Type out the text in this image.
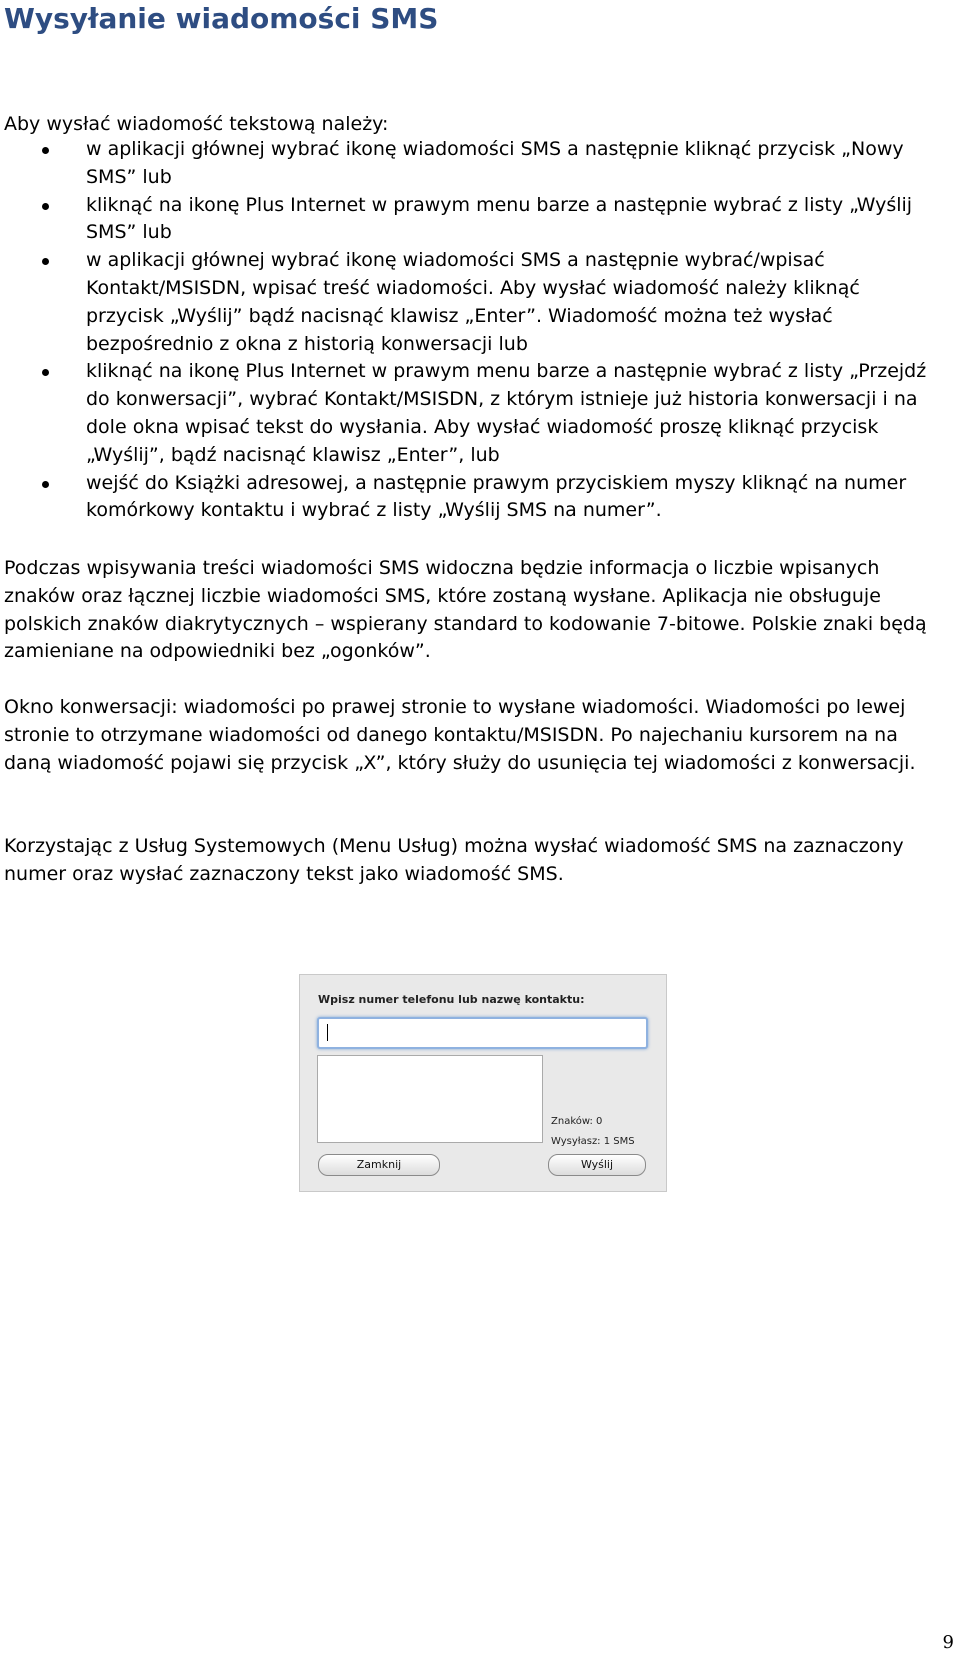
Wysyłanie wiadomości SMS

Aby wysłać wiadomość tekstową należy:

w aplikacji głównej wybrać ikonę wiadomości SMS a następnie kliknąć przycisk „Nowy SMS” lub
kliknąć na ikonę Plus Internet w prawym menu barze a następnie wybrać z listy „Wyślij SMS” lub
w aplikacji głównej wybrać ikonę wiadomości SMS a następnie wybrać/wpisać Kontakt/MSISDN, wpisać treść wiadomości. Aby wysłać wiadomość należy kliknąć przycisk „Wyślij” bądź nacisnąć klawisz „Enter”. Wiadomość można też wysłać bezpośrednio z okna z historią konwersacji lub
kliknąć na ikonę Plus Internet w prawym menu barze a następnie wybrać z listy „Przejdź do konwersacji”, wybrać Kontakt/MSISDN, z którym istnieje już historia konwersacji i na dole okna wpisać tekst do wysłania. Aby wysłać wiadomość proszę kliknąć przycisk „Wyślij”, bądź nacisnąć klawisz „Enter”, lub
wejść do Książki adresowej, a następnie prawym przyciskiem myszy kliknąć na numer komórkowy kontaktu i wybrać z listy „Wyślij SMS na numer”.

Podczas wpisywania treści wiadomości SMS widoczna będzie informacja o liczbie wpisanych znaków oraz łącznej liczbie wiadomości SMS, które zostaną wysłane. Aplikacja nie obsługuje polskich znaków diakrytycznych – wspierany standard to kodowanie 7-bitowe. Polskie znaki będą zamieniane na odpowiedniki bez „ogonków”.

Okno konwersacji: wiadomości po prawej stronie to wysłane wiadomości. Wiadomości po lewej stronie to otrzymane wiadomości od danego kontaktu/MSISDN. Po najechaniu kursorem na na daną wiadomość pojawi się przycisk „X”, który służy do usunięcia tej wiadomości z konwersacji.

Korzystając z Usług Systemowych (Menu Usług) można wysłać wiadomość SMS na zaznaczony numer oraz wysłać zaznaczony tekst jako wiadomość SMS.

Wpisz numer telefonu lub nazwę kontaktu:
Znaków: 0
Wysyłasz: 1 SMS
Zamknij	Wyślij
9
